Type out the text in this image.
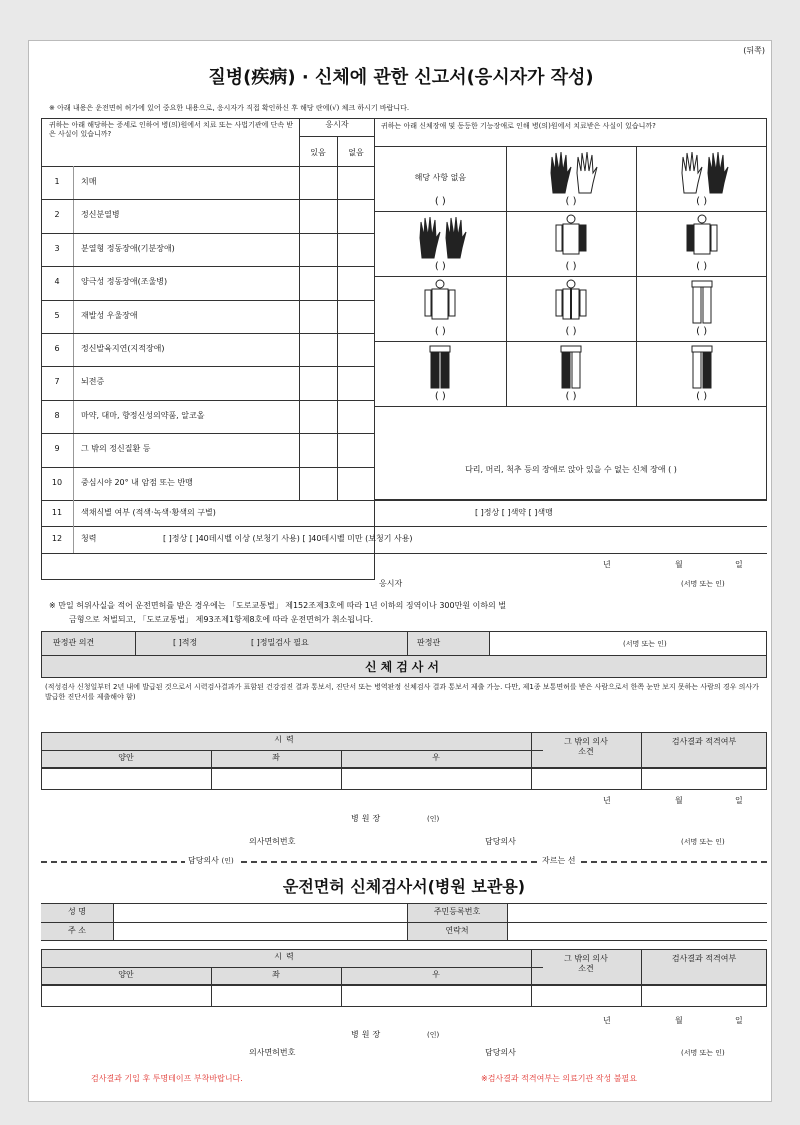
(뒤쪽)
질병(疾病) · 신체에 관한 신고서(응시자가 작성)
※ 아래 내용은 운전면허 허가에 있어 중요한 내용으로, 응시자가 직접 확인하신 후 해당 란에(√) 체크 하시기 바랍니다.
있음	없음
귀하는 아래 해당하는 증세로 인하여 병(의)원에서 치료 또는 사법기관에 단속 받은 사실이 있습니까?
응시자	귀하는 아래 신체장애 및 동등한 기능장애로 인해 병(의)원에서 치료받은 사실이 있습니까?
다리, 머리, 척추 등의 장애로 앉아 있을 수 없는 신체 장애 ( )
11	색채식별 여부 (적색·녹색·황색의 구별)	[ ]정상 [ ]색약 [ ]색맹
12	청력	[ ]정상 [ ]40데시벨 이상 (보청기 사용) [ ]40데시벨 미만 (보청기 사용)
년	월	일
응시자	(서명 또는 인)
※ 만일 허위사실을 적어 운전면허를 받은 경우에는 「도로교통법」 제152조제3호에 따라 1년 이하의 징역이나 300만원 이하의 벌
금형으로 처벌되고, 「도로교통법」 제93조제1항제8호에 따라 운전면허가 취소됩니다.
판정관 의견	[ ]적정	[ ]정밀검사 필요	판정관	(서명 또는 인)
신체검사서
(적성검사 신청일부터 2년 내에 발급된 것으로서 시력검사결과가 표함된 건강검진 결과 통보서, 진단서 또는 병역판정 신체검사 결과 통보서 제출 가능. 다만, 제1종 보통면허를 받은 사람으로서 한쪽 눈만 보지 못하는 사람의 경우 의사가 발급한 진단서를 제출해야 함)
년	월	일
병원장	(인)
의사면허번호	담당의사	(서명 또는 인)
담당의사 (인)	자르는 선
운전면허 신체검사서(병원 보관용)
성 명	주민등록번호
주 소	연락처
년	월	일
병원장	(인)
의사면허번호	담당의사	(서명 또는 인)
검사결과 기입 후 투명테이프 부착바랍니다.	※검사결과 적격여부는 의료기관 작성 불필요
1	치매
2	정신분열병
3	분열형 정동장애(기분장애)
4	양극성 정동장애(조울병)
5	재발성 우울장애
6	정신발육지연(지적장애)
7	뇌전증
8	마약, 대마, 향정신성의약품, 알코올
9	그 밖의 정신질환 등
10	중심시야 20° 내 암점 또는 반맹
해당 사항 없음
( )	( )	( )
( )	( )	( )
( )	( )	( )
( )	( )	( )
시력
양안	좌	우
그 밖의 의사소견
검사결과 적격여부
시력
양안	좌	우
그 밖의 의사소견
검사결과 적격여부
